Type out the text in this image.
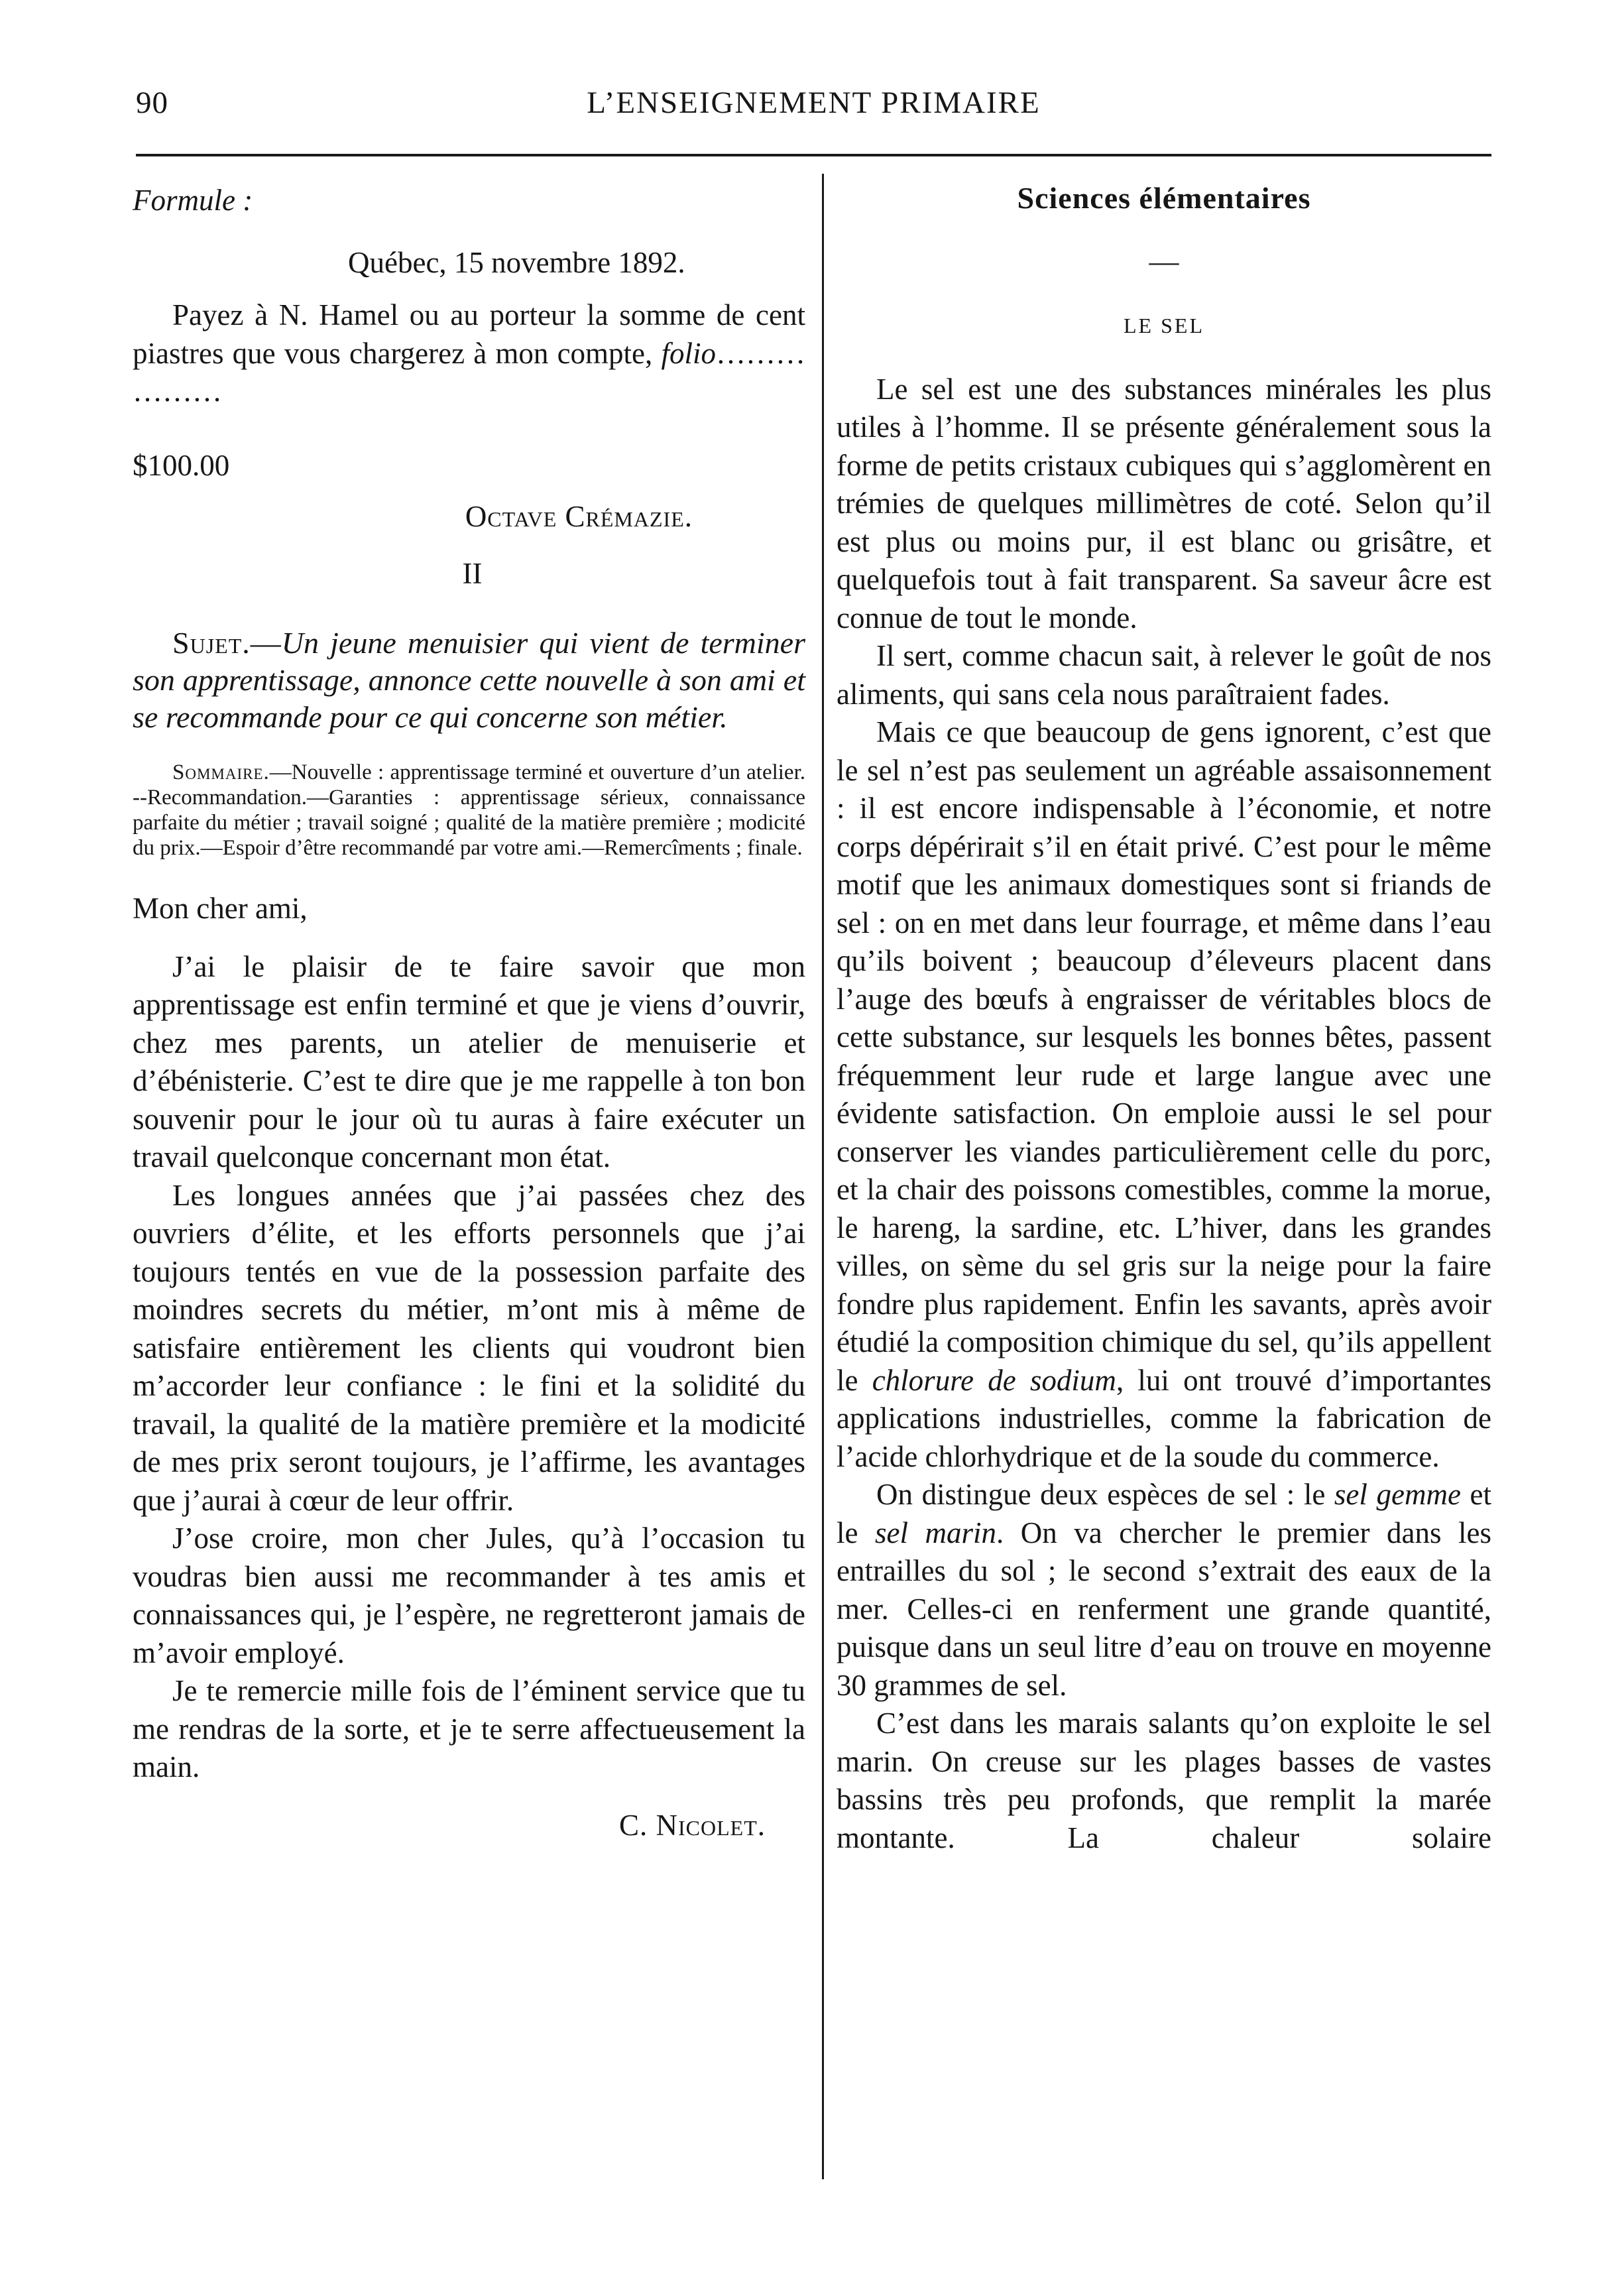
90	L’ENSEIGNEMENT PRIMAIRE

Formule :

Québec, 15 novembre 1892.

Payez à N. Hamel ou au porteur la somme de cent piastres que vous chargerez à mon compte, folio……… ………

$100.00

Octave Crémazie.

II

Sujet.—Un jeune menuisier qui vient de terminer son apprentissage, annonce cette nouvelle à son ami et se recommande pour ce qui concerne son métier.

Sommaire.—Nouvelle : apprentissage terminé et ouverture d’un atelier. --Recommandation.—Garanties : apprentissage sérieux, connaissance parfaite du métier ; travail soigné ; qualité de la matière première ; modicité du prix.—Espoir d’être recommandé par votre ami.—Remercîments ; finale.

Mon cher ami,

J’ai le plaisir de te faire savoir que mon apprentissage est enfin terminé et que je viens d’ouvrir, chez mes parents, un atelier de menuiserie et d’ébénisterie. C’est te dire que je me rappelle à ton bon souvenir pour le jour où tu auras à faire exécuter un travail quelconque concernant mon état.

Les longues années que j’ai passées chez des ouvriers d’élite, et les efforts personnels que j’ai toujours tentés en vue de la possession parfaite des moindres secrets du métier, m’ont mis à même de satisfaire entièrement les clients qui voudront bien m’accorder leur confiance : le fini et la solidité du travail, la qualité de la matière première et la modicité de mes prix seront toujours, je l’affirme, les avantages que j’aurai à cœur de leur offrir.

J’ose croire, mon cher Jules, qu’à l’occasion tu voudras bien aussi me recommander à tes amis et connaissances qui, je l’espère, ne regretteront jamais de m’avoir employé.

Je te remercie mille fois de l’éminent service que tu me rendras de la sorte, et je te serre affectueusement la main.

C. Nicolet.

Sciences élémentaires

—

LE SEL

Le sel est une des substances minérales les plus utiles à l’homme. Il se présente généralement sous la forme de petits cristaux cubiques qui s’agglomèrent en trémies de quelques millimètres de coté. Selon qu’il est plus ou moins pur, il est blanc ou grisâtre, et quelquefois tout à fait transparent. Sa saveur âcre est connue de tout le monde.

Il sert, comme chacun sait, à relever le goût de nos aliments, qui sans cela nous paraîtraient fades.

Mais ce que beaucoup de gens ignorent, c’est que le sel n’est pas seulement un agréable assaisonnement : il est encore indispensable à l’économie, et notre corps dépérirait s’il en était privé. C’est pour le même motif que les animaux domestiques sont si friands de sel : on en met dans leur fourrage, et même dans l’eau qu’ils boivent ; beaucoup d’éleveurs placent dans l’auge des bœufs à engraisser de véritables blocs de cette substance, sur lesquels les bonnes bêtes, passent fréquemment leur rude et large langue avec une évidente satisfaction. On emploie aussi le sel pour conserver les viandes particulièrement celle du porc, et la chair des poissons comestibles, comme la morue, le hareng, la sardine, etc. L’hiver, dans les grandes villes, on sème du sel gris sur la neige pour la faire fondre plus rapidement. Enfin les savants, après avoir étudié la composition chimique du sel, qu’ils appellent le chlorure de sodium, lui ont trouvé d’importantes applications industrielles, comme la fabrication de l’acide chlorhydrique et de la soude du commerce.

On distingue deux espèces de sel : le sel gemme et le sel marin. On va chercher le premier dans les entrailles du sol ; le second s’extrait des eaux de la mer. Celles-ci en renferment une grande quantité, puisque dans un seul litre d’eau on trouve en moyenne 30 grammes de sel.

C’est dans les marais salants qu’on exploite le sel marin. On creuse sur les plages basses de vastes bassins très peu profonds, que remplit la marée montante. La chaleur solaire
